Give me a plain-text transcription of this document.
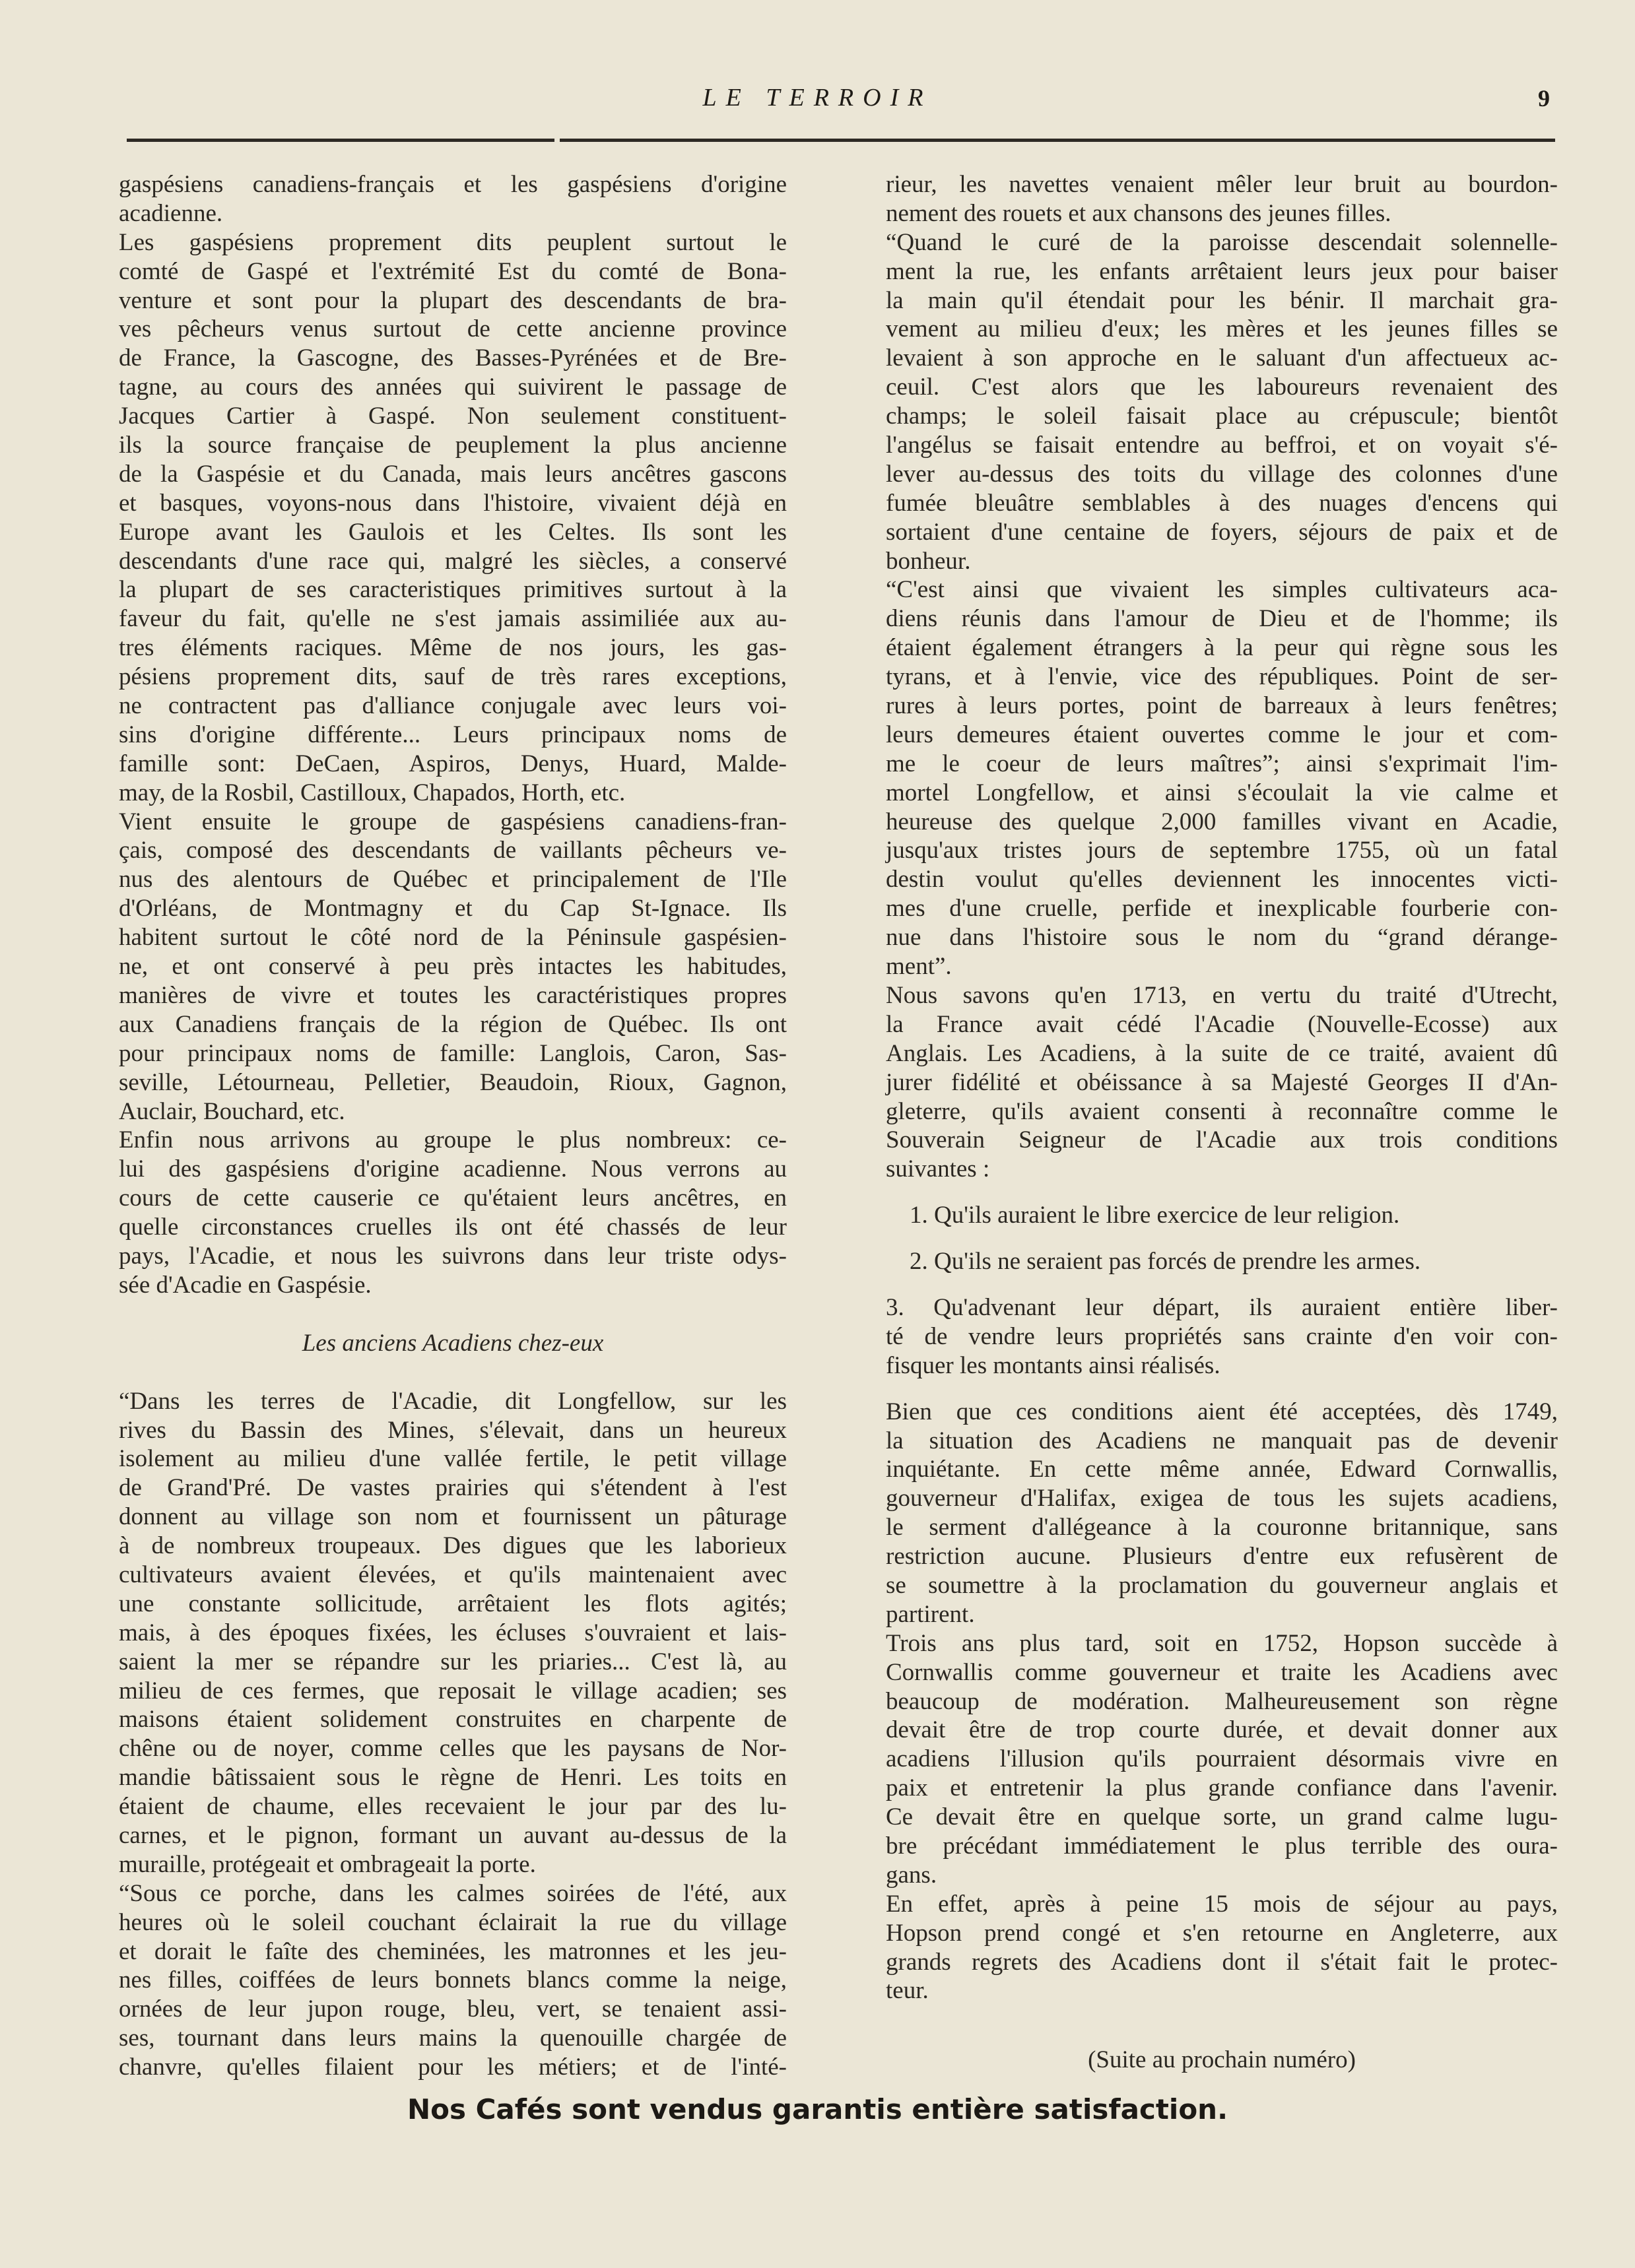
LE TERROIR	9
gaspésiens canadiens-français et les gaspésiens d'origine
acadienne.
Les gaspésiens proprement dits peuplent surtout le
comté de Gaspé et l'extrémité Est du comté de Bona-
venture et sont pour la plupart des descendants de bra-
ves pêcheurs venus surtout de cette ancienne province
de France, la Gascogne, des Basses-Pyrénées et de Bre-
tagne, au cours des années qui suivirent le passage de
Jacques Cartier à Gaspé. Non seulement constituent-
ils la source française de peuplement la plus ancienne
de la Gaspésie et du Canada, mais leurs ancêtres gascons
et basques, voyons-nous dans l'histoire, vivaient déjà en
Europe avant les Gaulois et les Celtes. Ils sont les
descendants d'une race qui, malgré les siècles, a conservé
la plupart de ses caracteristiques primitives surtout à la
faveur du fait, qu'elle ne s'est jamais assimiliée aux au-
tres éléments raciques. Même de nos jours, les gas-
pésiens proprement dits, sauf de très rares exceptions,
ne contractent pas d'alliance conjugale avec leurs voi-
sins d'origine différente... Leurs principaux noms de
famille sont: DeCaen, Aspiros, Denys, Huard, Malde-
may, de la Rosbil, Castilloux, Chapados, Horth, etc.
Vient ensuite le groupe de gaspésiens canadiens-fran-
çais, composé des descendants de vaillants pêcheurs ve-
nus des alentours de Québec et principalement de l'Ile
d'Orléans, de Montmagny et du Cap St-Ignace. Ils
habitent surtout le côté nord de la Péninsule gaspésien-
ne, et ont conservé à peu près intactes les habitudes,
manières de vivre et toutes les caractéristiques propres
aux Canadiens français de la région de Québec. Ils ont
pour principaux noms de famille: Langlois, Caron, Sas-
seville, Létourneau, Pelletier, Beaudoin, Rioux, Gagnon,
Auclair, Bouchard, etc.
Enfin nous arrivons au groupe le plus nombreux: ce-
lui des gaspésiens d'origine acadienne. Nous verrons au
cours de cette causerie ce qu'étaient leurs ancêtres, en
quelle circonstances cruelles ils ont été chassés de leur
pays, l'Acadie, et nous les suivrons dans leur triste odys-
sée d'Acadie en Gaspésie.
Les anciens Acadiens chez-eux
“Dans les terres de l'Acadie, dit Longfellow, sur les
rives du Bassin des Mines, s'élevait, dans un heureux
isolement au milieu d'une vallée fertile, le petit village
de Grand'Pré. De vastes prairies qui s'étendent à l'est
donnent au village son nom et fournissent un pâturage
à de nombreux troupeaux. Des digues que les laborieux
cultivateurs avaient élevées, et qu'ils maintenaient avec
une constante sollicitude, arrêtaient les flots agités;
mais, à des époques fixées, les écluses s'ouvraient et lais-
saient la mer se répandre sur les priaries... C'est là, au
milieu de ces fermes, que reposait le village acadien; ses
maisons étaient solidement construites en charpente de
chêne ou de noyer, comme celles que les paysans de Nor-
mandie bâtissaient sous le règne de Henri. Les toits en
étaient de chaume, elles recevaient le jour par des lu-
carnes, et le pignon, formant un auvant au-dessus de la
muraille, protégeait et ombrageait la porte.
“Sous ce porche, dans les calmes soirées de l'été, aux
heures où le soleil couchant éclairait la rue du village
et dorait le faîte des cheminées, les matronnes et les jeu-
nes filles, coiffées de leurs bonnets blancs comme la neige,
ornées de leur jupon rouge, bleu, vert, se tenaient assi-
ses, tournant dans leurs mains la quenouille chargée de
chanvre, qu'elles filaient pour les métiers; et de l'inté-
rieur, les navettes venaient mêler leur bruit au bourdon-
nement des rouets et aux chansons des jeunes filles.
“Quand le curé de la paroisse descendait solennelle-
ment la rue, les enfants arrêtaient leurs jeux pour baiser
la main qu'il étendait pour les bénir. Il marchait gra-
vement au milieu d'eux; les mères et les jeunes filles se
levaient à son approche en le saluant d'un affectueux ac-
ceuil. C'est alors que les laboureurs revenaient des
champs; le soleil faisait place au crépuscule; bientôt
l'angélus se faisait entendre au beffroi, et on voyait s'é-
lever au-dessus des toits du village des colonnes d'une
fumée bleuâtre semblables à des nuages d'encens qui
sortaient d'une centaine de foyers, séjours de paix et de
bonheur.
“C'est ainsi que vivaient les simples cultivateurs aca-
diens réunis dans l'amour de Dieu et de l'homme; ils
étaient également étrangers à la peur qui règne sous les
tyrans, et à l'envie, vice des républiques. Point de ser-
rures à leurs portes, point de barreaux à leurs fenêtres;
leurs demeures étaient ouvertes comme le jour et com-
me le coeur de leurs maîtres”; ainsi s'exprimait l'im-
mortel Longfellow, et ainsi s'écoulait la vie calme et
heureuse des quelque 2,000 familles vivant en Acadie,
jusqu'aux tristes jours de septembre 1755, où un fatal
destin voulut qu'elles deviennent les innocentes victi-
mes d'une cruelle, perfide et inexplicable fourberie con-
nue dans l'histoire sous le nom du “grand dérange-
ment”.
Nous savons qu'en 1713, en vertu du traité d'Utrecht,
la France avait cédé l'Acadie (Nouvelle-Ecosse) aux
Anglais. Les Acadiens, à la suite de ce traité, avaient dû
jurer fidélité et obéissance à sa Majesté Georges II d'An-
gleterre, qu'ils avaient consenti à reconnaître comme le
Souverain Seigneur de l'Acadie aux trois conditions
suivantes :
1. Qu'ils auraient le libre exercice de leur religion.
2. Qu'ils ne seraient pas forcés de prendre les armes.
3. Qu'advenant leur départ, ils auraient entière liber-
té de vendre leurs propriétés sans crainte d'en voir con-
fisquer les montants ainsi réalisés.
Bien que ces conditions aient été acceptées, dès 1749,
la situation des Acadiens ne manquait pas de devenir
inquiétante. En cette même année, Edward Cornwallis,
gouverneur d'Halifax, exigea de tous les sujets acadiens,
le serment d'allégeance à la couronne britannique, sans
restriction aucune. Plusieurs d'entre eux refusèrent de
se soumettre à la proclamation du gouverneur anglais et
partirent.
Trois ans plus tard, soit en 1752, Hopson succède à
Cornwallis comme gouverneur et traite les Acadiens avec
beaucoup de modération. Malheureusement son règne
devait être de trop courte durée, et devait donner aux
acadiens l'illusion qu'ils pourraient désormais vivre en
paix et entretenir la plus grande confiance dans l'avenir.
Ce devait être en quelque sorte, un grand calme lugu-
bre précédant immédiatement le plus terrible des oura-
gans.
En effet, après à peine 15 mois de séjour au pays,
Hopson prend congé et s'en retourne en Angleterre, aux
grands regrets des Acadiens dont il s'était fait le protec-
teur.
(Suite au prochain numéro)
Nos Cafés sont vendus garantis entière satisfaction.
